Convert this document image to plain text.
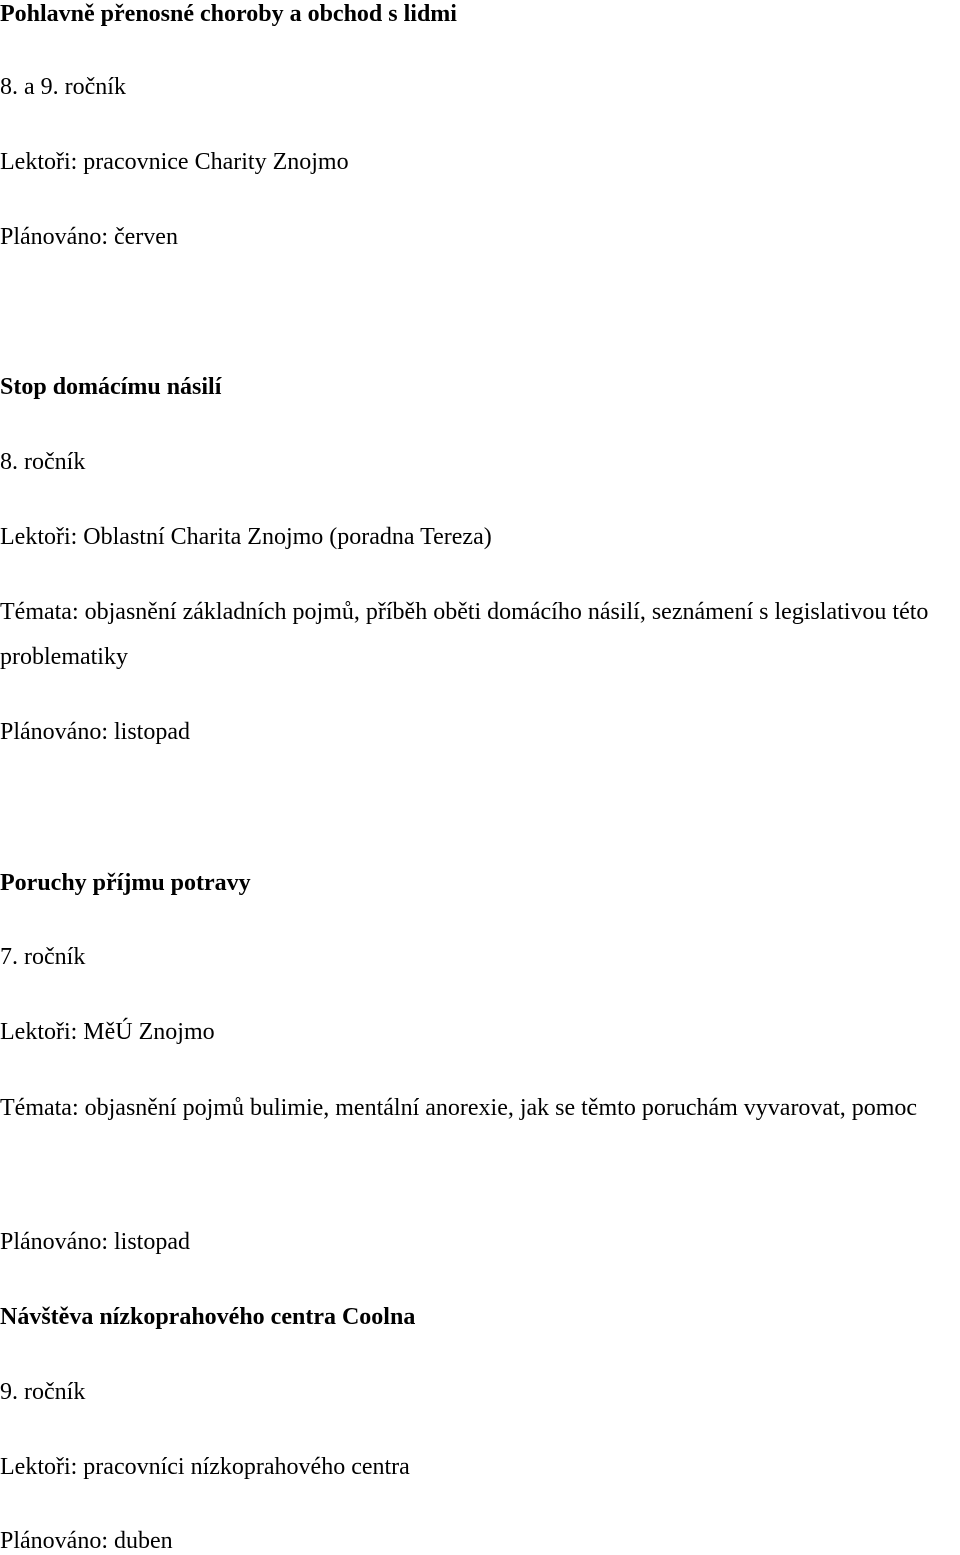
Pohlavně přenosné choroby a obchod s lidmi

8. a 9. ročník

Lektoři: pracovnice Charity Znojmo

Plánováno: červen

Stop domácímu násilí

8. ročník

Lektoři: Oblastní Charita Znojmo (poradna Tereza)

Témata: objasnění základních pojmů, příběh oběti domácího násilí, seznámení s legislativou této problematiky

Plánováno: listopad

Poruchy příjmu potravy

7. ročník

Lektoři: MěÚ Znojmo

Témata: objasnění pojmů bulimie, mentální anorexie, jak se těmto poruchám vyvarovat, pomoc

Plánováno: listopad

Návštěva nízkoprahového centra Coolna

9. ročník

Lektoři: pracovníci nízkoprahového centra

Plánováno: duben
